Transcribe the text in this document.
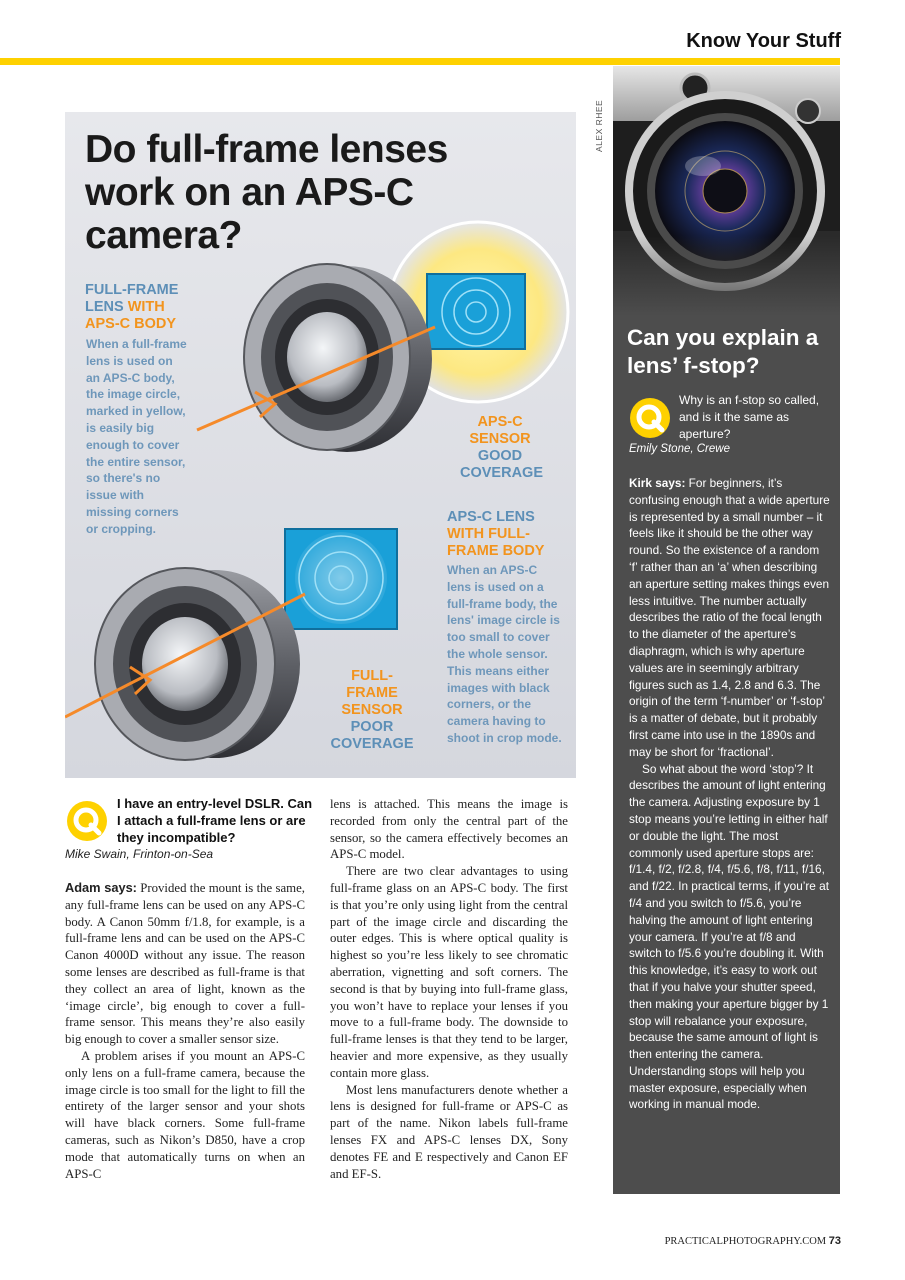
Know Your Stuff
Do full-frame lenses work on an APS-C camera?
FULL-FRAME
LENS WITH
APS-C BODY
When a full-frame lens is used on an APS-C body, the image circle, marked in yellow, is easily big enough to cover the entire sensor, so there's no issue with missing corners or cropping.
APS-C
SENSOR
GOOD
COVERAGE
APS-C LENS
WITH FULL-
FRAME BODY
When an APS-C lens is used on a full-frame body, the lens' image circle is too small to cover the whole sensor. This means either images with black corners, or the camera having to shoot in crop mode.
FULL-FRAME
SENSOR
POOR
COVERAGE
ALEX RHEE
Can you explain a lens’ f-stop?
Why is an f-stop so called, and is it the same as aperture?
Emily Stone, Crewe

Kirk says: For beginners, it’s confusing enough that a wide aperture is represented by a small number – it feels like it should be the other way round. So the existence of a random ‘f’ rather than an ‘a’ when describing an aperture setting makes things even less intuitive. The number actually describes the ratio of the focal length to the diameter of the aperture’s diaphragm, which is why aperture values are in seemingly arbitrary figures such as 1.4, 2.8 and 6.3. The origin of the term ‘f-number’ or ‘f-stop’ is a matter of debate, but it probably first came into use in the 1890s and may be short for ‘fractional’.

So what about the word ‘stop’? It describes the amount of light entering the camera. Adjusting exposure by 1 stop means you’re letting in either half or double the light. The most commonly used aperture stops are: f/1.4, f/2, f/2.8, f/4, f/5.6, f/8, f/11, f/16, and f/22. In practical terms, if you’re at f/4 and you switch to f/5.6, you’re halving the amount of light entering your camera. If you’re at f/8 and switch to f/5.6 you’re doubling it. With this knowledge, it’s easy to work out that if you halve your shutter speed, then making your aperture bigger by 1 stop will rebalance your exposure, because the same amount of light is then entering the camera. Understanding stops will help you master exposure, especially when working in manual mode.

I have an entry-level DSLR. Can I attach a full-frame lens or are they incompatible?
Mike Swain, Frinton-on-Sea

Adam says: Provided the mount is the same, any full-frame lens can be used on any APS-C body. A Canon 50mm f/1.8, for example, is a full-frame lens and can be used on the APS-C Canon 4000D without any issue. The reason some lenses are described as full-frame is that they collect an area of light, known as the ‘image circle’, big enough to cover a full-frame sensor. This means they’re also easily big enough to cover a smaller sensor size.

A problem arises if you mount an APS-C only lens on a full-frame camera, because the image circle is too small for the light to fill the entirety of the larger sensor and your shots will have black corners. Some full-frame cameras, such as Nikon’s D850, have a crop mode that automatically turns on when an APS-C

lens is attached. This means the image is recorded from only the central part of the sensor, so the camera effectively becomes an APS-C model.

There are two clear advantages to using full-frame glass on an APS-C body. The first is that you’re only using light from the central part of the image circle and discarding the outer edges. This is where optical quality is highest so you’re less likely to see chromatic aberration, vignetting and soft corners. The second is that by buying into full-frame glass, you won’t have to replace your lenses if you move to a full-frame body. The downside to full-frame lenses is that they tend to be larger, heavier and more expensive, as they usually contain more glass.

Most lens manufacturers denote whether a lens is designed for full-frame or APS-C as part of the name. Nikon labels full-frame lenses FX and APS-C lenses DX, Sony denotes FE and E respectively and Canon EF and EF-S.

PRACTICALPHOTOGRAPHY.COM 73
